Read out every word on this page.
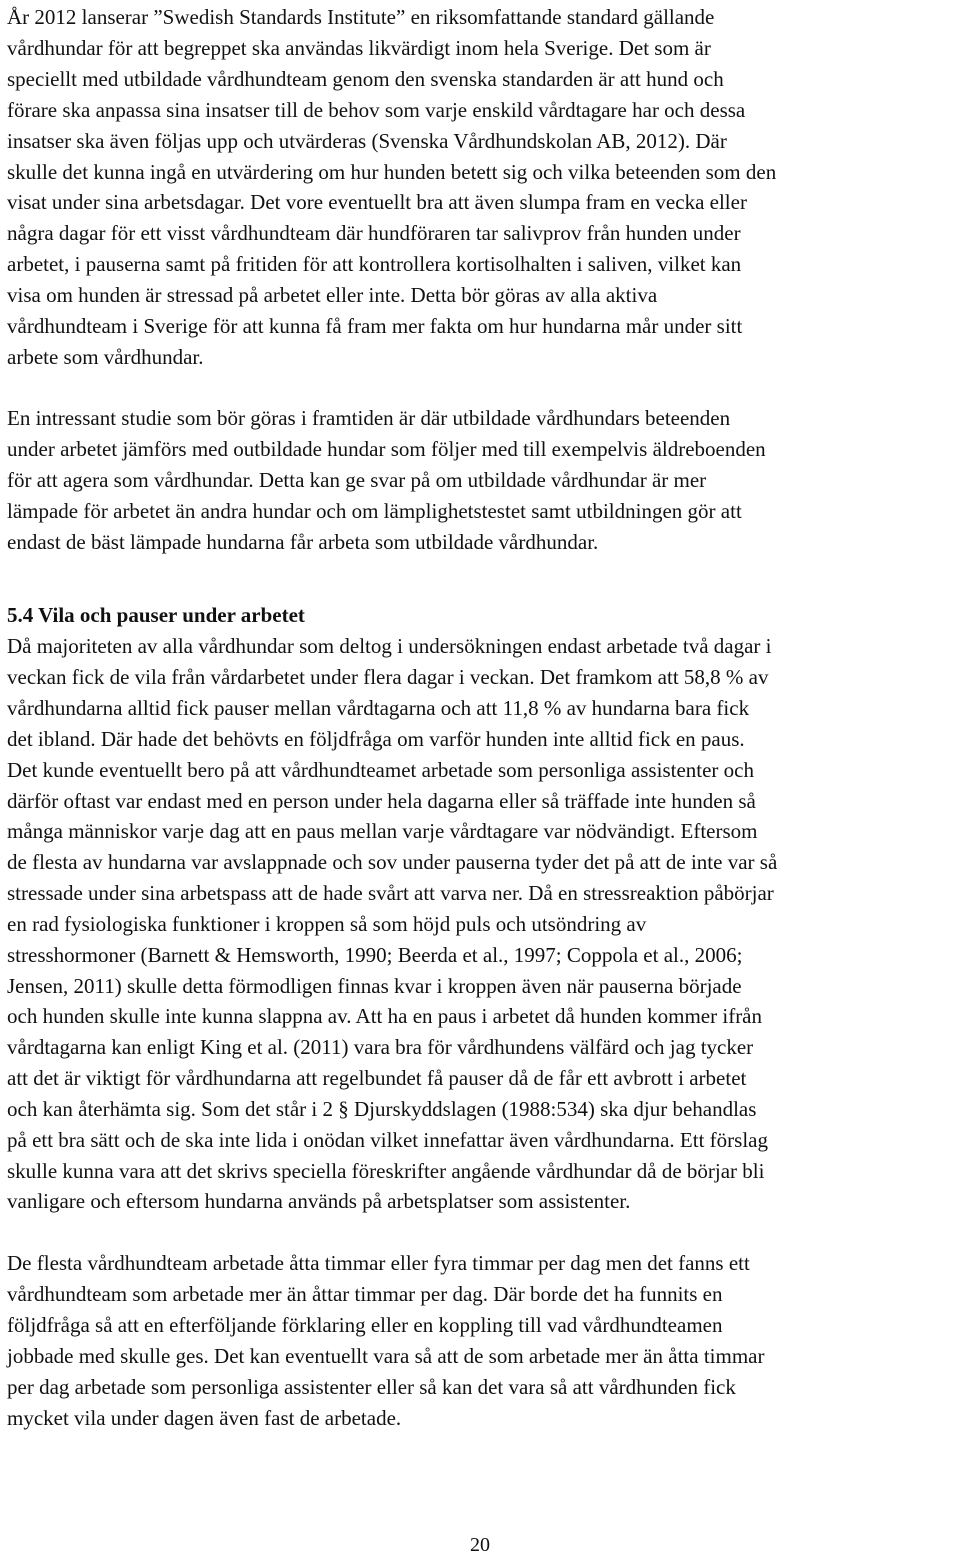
År 2012 lanserar ”Swedish Standards Institute” en riksomfattande standard gällande
vårdhundar för att begreppet ska användas likvärdigt inom hela Sverige. Det som är
speciellt med utbildade vårdhundteam genom den svenska standarden är att hund och
förare ska anpassa sina insatser till de behov som varje enskild vårdtagare har och dessa
insatser ska även följas upp och utvärderas (Svenska Vårdhundskolan AB, 2012). Där
skulle det kunna ingå en utvärdering om hur hunden betett sig och vilka beteenden som den
visat under sina arbetsdagar. Det vore eventuellt bra att även slumpa fram en vecka eller
några dagar för ett visst vårdhundteam där hundföraren tar salivprov från hunden under
arbetet, i pauserna samt på fritiden för att kontrollera kortisolhalten i saliven, vilket kan
visa om hunden är stressad på arbetet eller inte. Detta bör göras av alla aktiva
vårdhundteam i Sverige för att kunna få fram mer fakta om hur hundarna mår under sitt
arbete som vårdhundar.
En intressant studie som bör göras i framtiden är där utbildade vårdhundars beteenden
under arbetet jämförs med outbildade hundar som följer med till exempelvis äldreboenden
för att agera som vårdhundar. Detta kan ge svar på om utbildade vårdhundar är mer
lämpade för arbetet än andra hundar och om lämplighetstestet samt utbildningen gör att
endast de bäst lämpade hundarna får arbeta som utbildade vårdhundar.
5.4 Vila och pauser under arbetet
Då majoriteten av alla vårdhundar som deltog i undersökningen endast arbetade två dagar i
veckan fick de vila från vårdarbetet under flera dagar i veckan. Det framkom att 58,8 % av
vårdhundarna alltid fick pauser mellan vårdtagarna och att 11,8 % av hundarna bara fick
det ibland. Där hade det behövts en följdfråga om varför hunden inte alltid fick en paus.
Det kunde eventuellt bero på att vårdhundteamet arbetade som personliga assistenter och
därför oftast var endast med en person under hela dagarna eller så träffade inte hunden så
många människor varje dag att en paus mellan varje vårdtagare var nödvändigt. Eftersom
de flesta av hundarna var avslappnade och sov under pauserna tyder det på att de inte var så
stressade under sina arbetspass att de hade svårt att varva ner. Då en stressreaktion påbörjar
en rad fysiologiska funktioner i kroppen så som höjd puls och utsöndring av
stresshormoner (Barnett & Hemsworth, 1990; Beerda et al., 1997; Coppola et al., 2006;
Jensen, 2011) skulle detta förmodligen finnas kvar i kroppen även när pauserna började
och hunden skulle inte kunna slappna av. Att ha en paus i arbetet då hunden kommer ifrån
vårdtagarna kan enligt King et al. (2011) vara bra för vårdhundens välfärd och jag tycker
att det är viktigt för vårdhundarna att regelbundet få pauser då de får ett avbrott i arbetet
och kan återhämta sig. Som det står i 2 § Djurskyddslagen (1988:534) ska djur behandlas
på ett bra sätt och de ska inte lida i onödan vilket innefattar även vårdhundarna. Ett förslag
skulle kunna vara att det skrivs speciella föreskrifter angående vårdhundar då de börjar bli
vanligare och eftersom hundarna används på arbetsplatser som assistenter.
De flesta vårdhundteam arbetade åtta timmar eller fyra timmar per dag men det fanns ett
vårdhundteam som arbetade mer än åttar timmar per dag. Där borde det ha funnits en
följdfråga så att en efterföljande förklaring eller en koppling till vad vårdhundteamen
jobbade med skulle ges. Det kan eventuellt vara så att de som arbetade mer än åtta timmar
per dag arbetade som personliga assistenter eller så kan det vara så att vårdhunden fick
mycket vila under dagen även fast de arbetade.
20
